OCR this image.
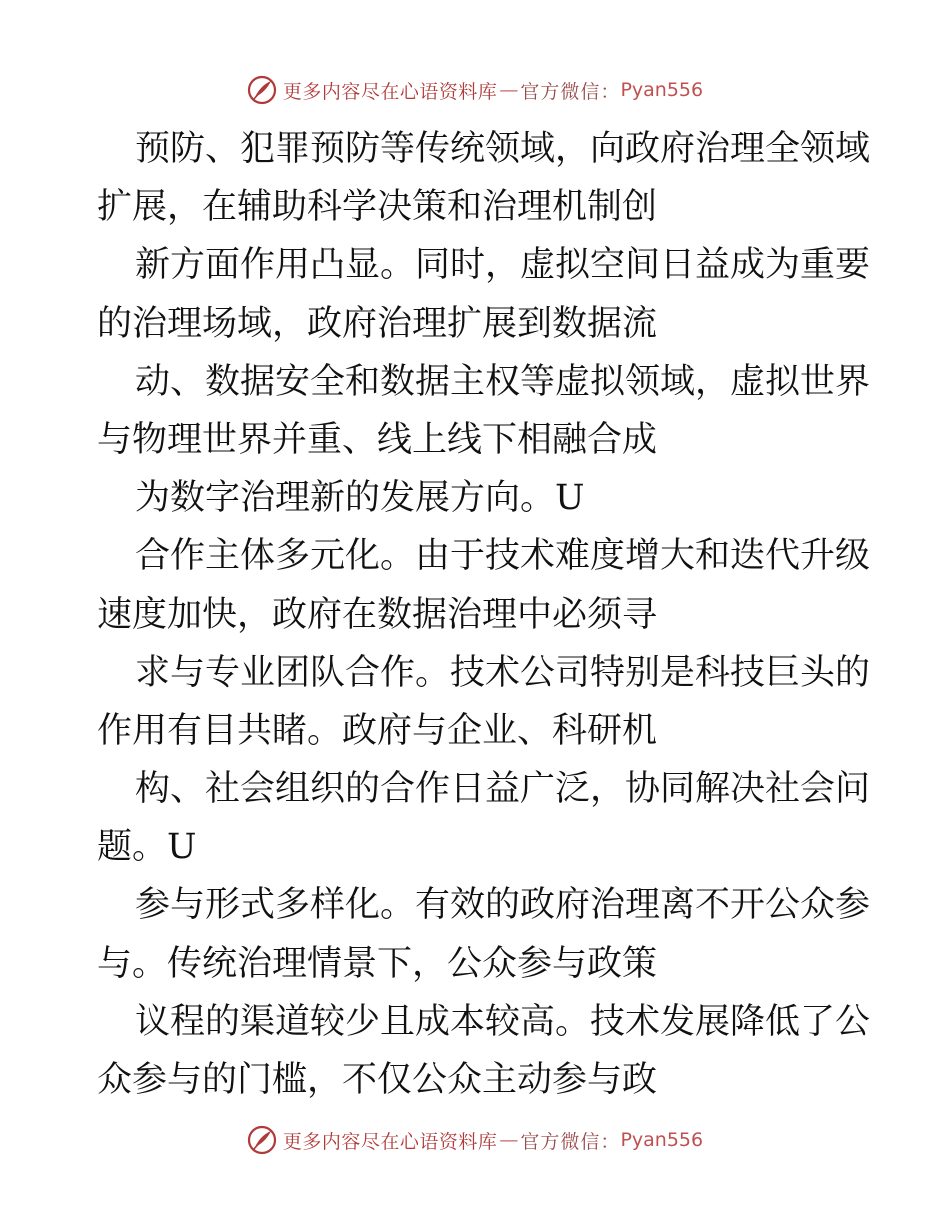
更多内容尽在心语资料库 — 官方微信： Pyan556
预防、犯罪预防等传统领域，向政府治理全领域
扩展，在辅助科学决策和治理机制创
新方面作用凸显。同时，虚拟空间日益成为重要
的治理场域，政府治理扩展到数据流
动、数据安全和数据主权等虚拟领域，虚拟世界
与物理世界并重、线上线下相融合成
为数字治理新的发展方向。U
合作主体多元化。由于技术难度增大和迭代升级
速度加快，政府在数据治理中必须寻
求与专业团队合作。技术公司特别是科技巨头的
作用有目共睹。政府与企业、科研机
构、社会组织的合作日益广泛，协同解决社会问
题。U
参与形式多样化。有效的政府治理离不开公众参
与。传统治理情景下，公众参与政策
议程的渠道较少且成本较高。技术发展降低了公
众参与的门槛，不仅公众主动参与政
更多内容尽在心语资料库 — 官方微信： Pyan556
